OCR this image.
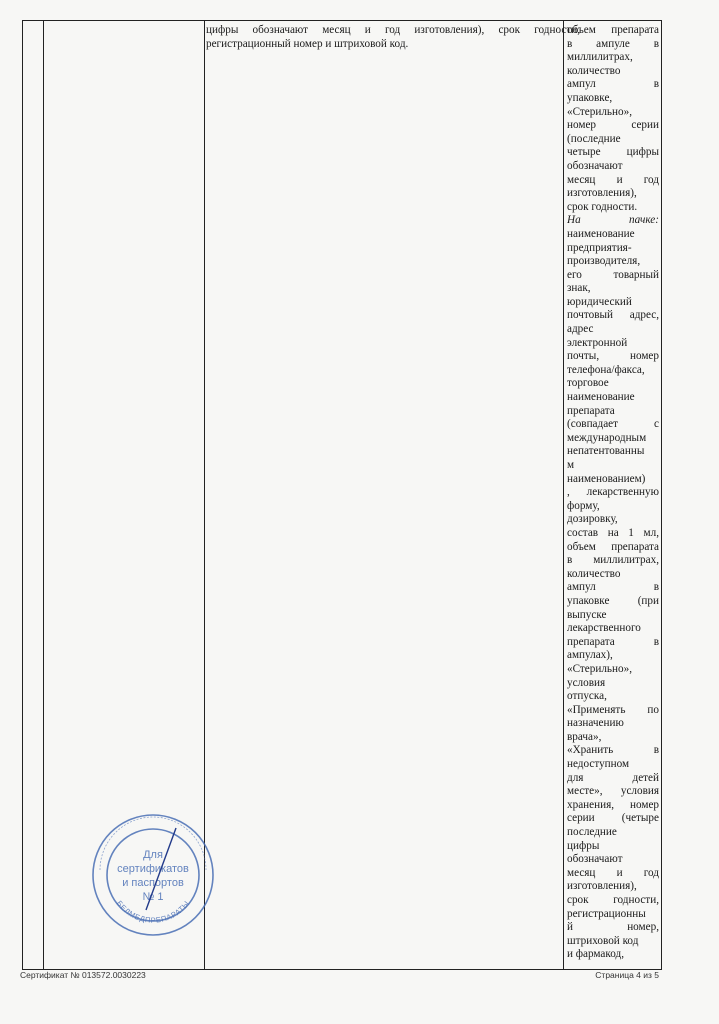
цифры обозначают месяц и год изготовления), срок годности, регистрационный номер и штриховой код.
объем препарата
в ампуле в
миллилитрах,
количество
ампул в
упаковке,
«Стерильно»,
номер серии
(последние
четыре цифры
обозначают
месяц и год
изготовления),
срок годности.
На пачке:
наименование
предприятия-
производителя,
его товарный
знак,
юридический
почтовый адрес,
адрес
электронной
почты, номер
телефона/факса,
торговое
наименование
препарата
(совпадает с
международным
непатентованны
м
наименованием)
, лекарственную
форму,
дозировку,
состав на 1 мл,
объем препарата
в миллилитрах,
количество
ампул в
упаковке (при
выпуске
лекарственного
препарата в
ампулах),
«Стерильно»,
условия
отпуска,
«Применять по
назначению
врача»,
«Хранить в
недоступном
для детей
месте», условия
хранения, номер
серии (четыре
последние
цифры
обозначают
месяц и год
изготовления),
срок годности,
регистрационны
й номер,
штриховой код
и фармакод,
Для
сертификатов
и паспортов
№ 1
БЕЛМЕДПРЕПАРАТЫ
Сертификат № 013572.0030223	Страница 4 из 5
